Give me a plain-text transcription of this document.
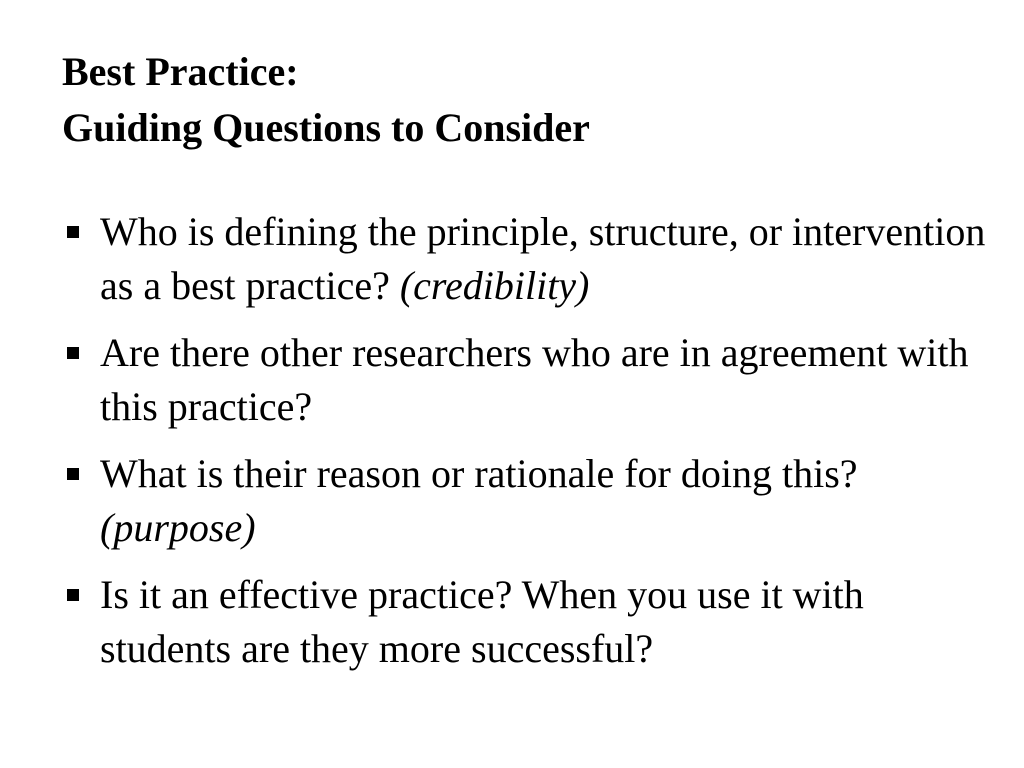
Best Practice:
Guiding Questions to Consider
Who is defining the principle, structure, or intervention as a best practice? (credibility)
Are there other researchers who are in agreement with this practice?
What is their reason or rationale for doing this? (purpose)
Is it an effective practice? When you use it with students are they more successful?
